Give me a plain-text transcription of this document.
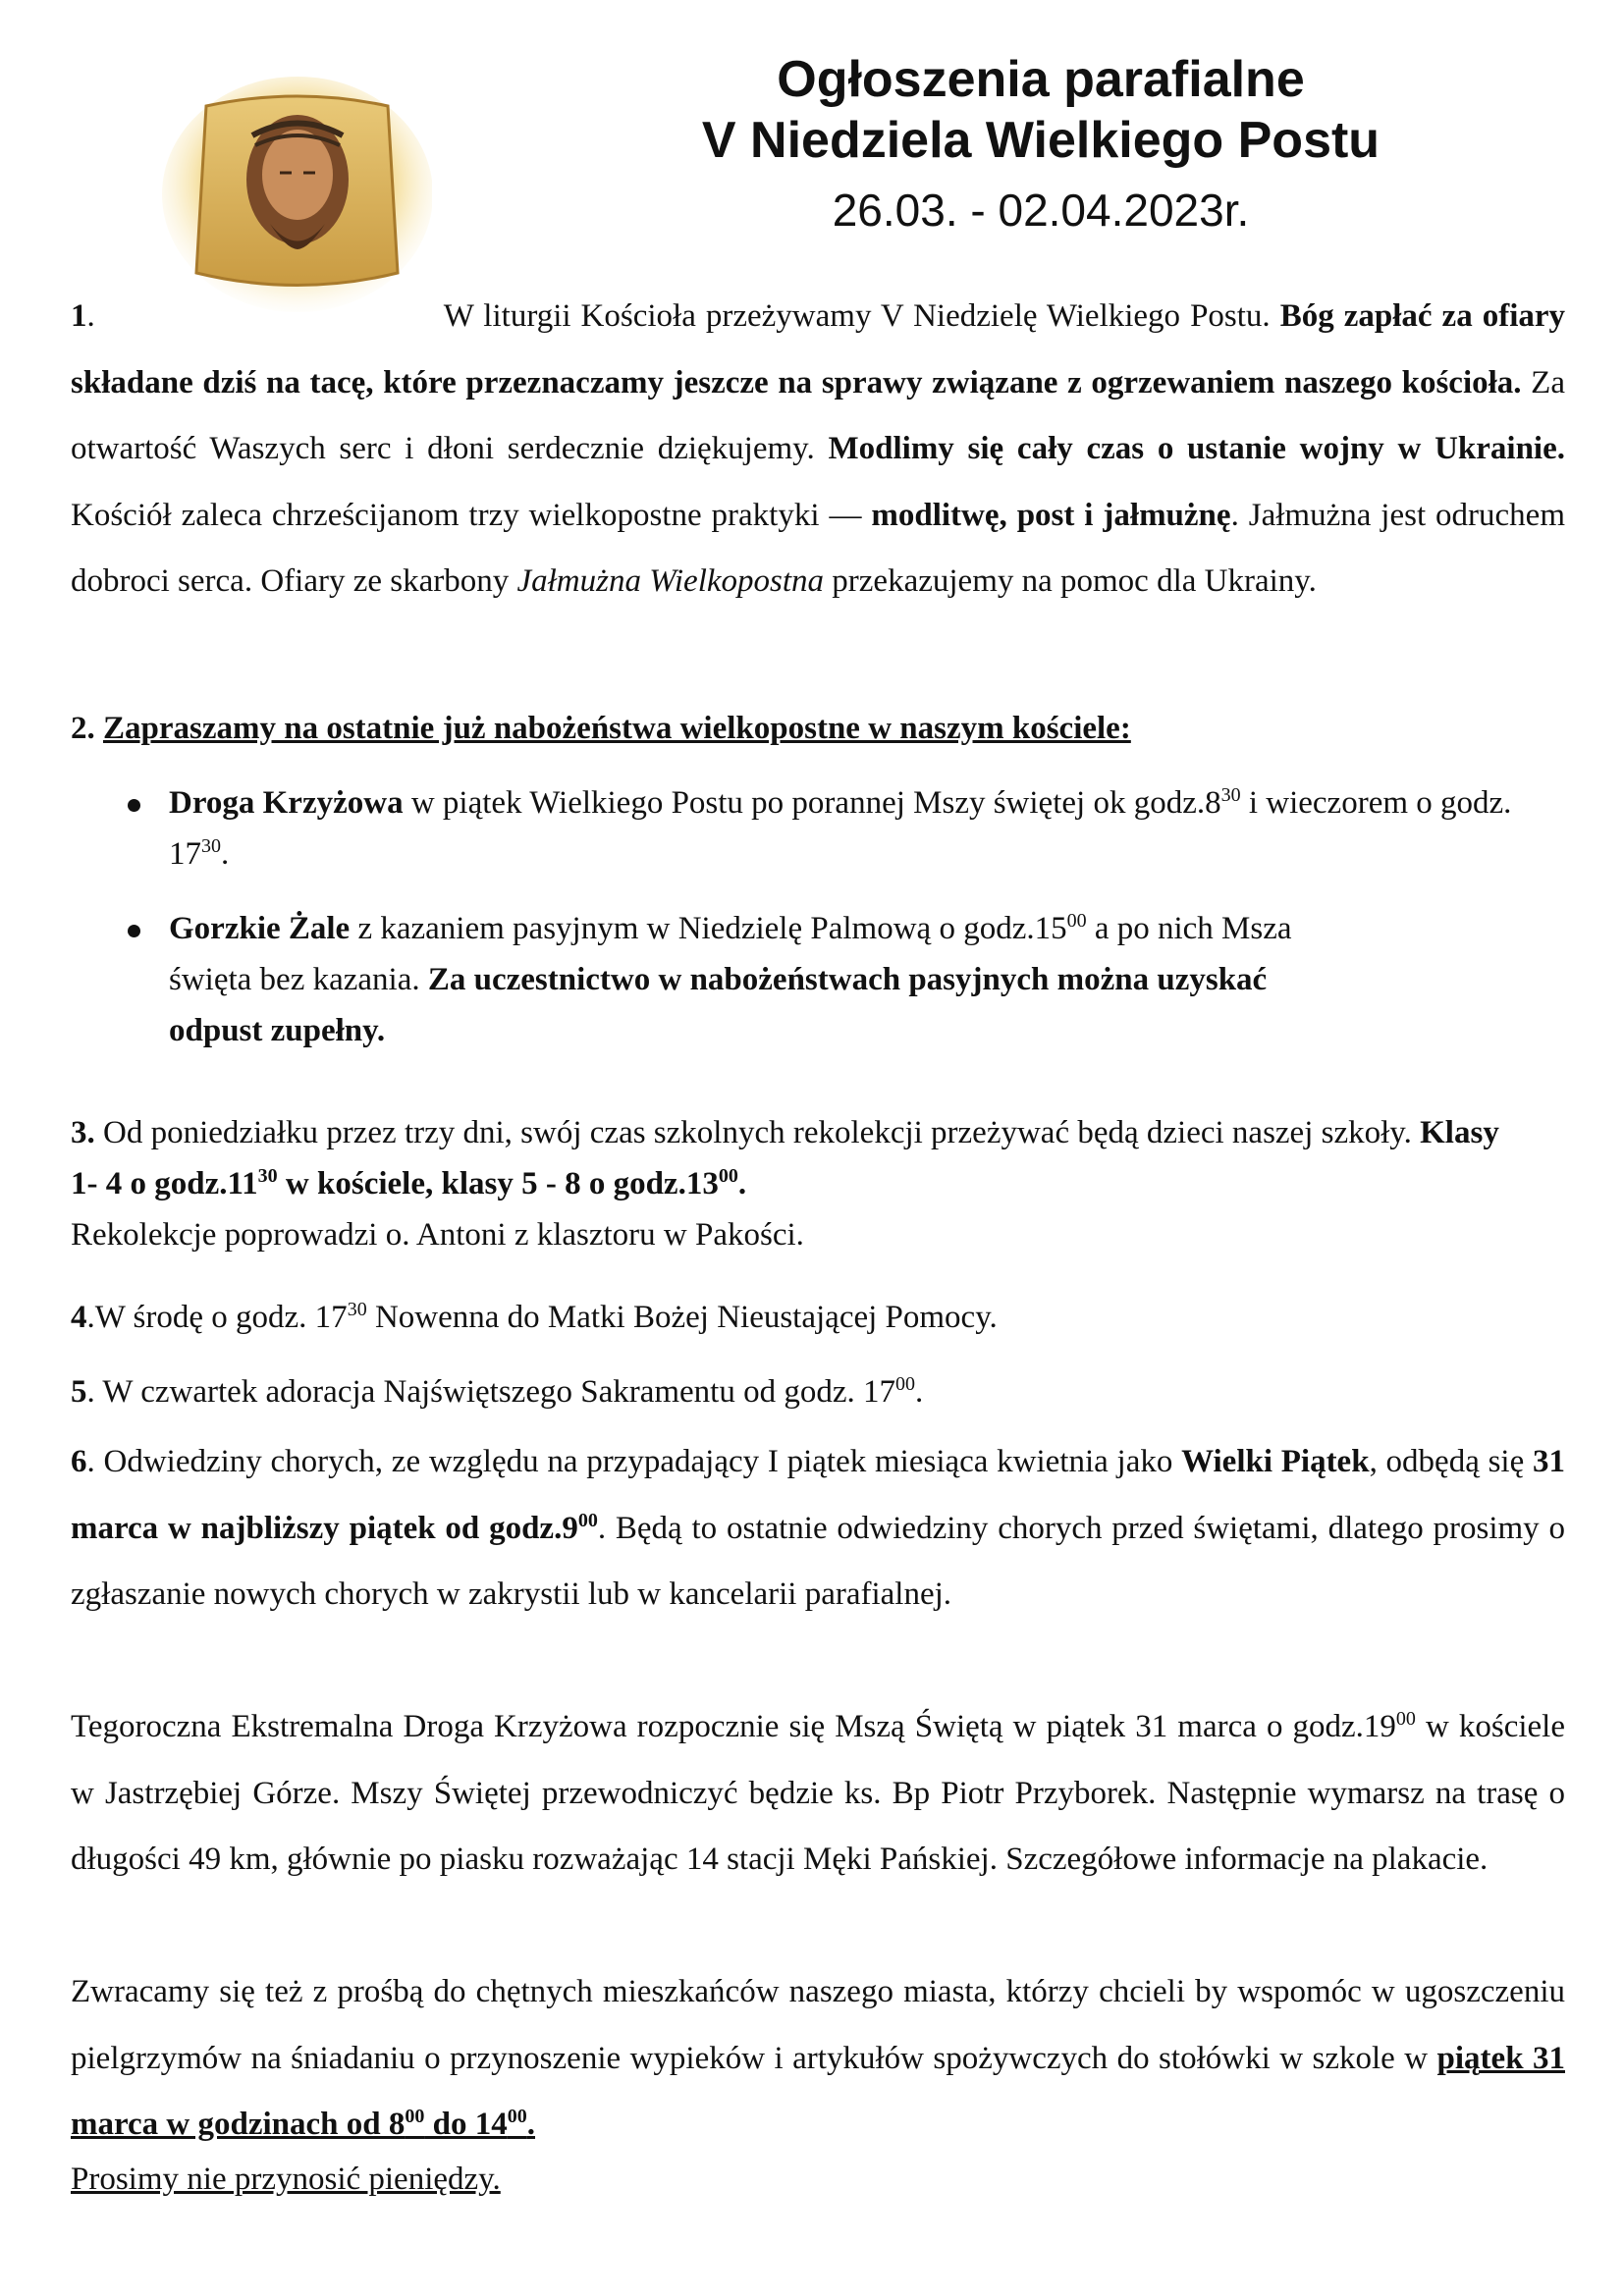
Ogłoszenia parafialne
V Niedziela Wielkiego Postu
26.03. - 02.04.2023r.

1.	W liturgii Kościoła przeżywamy V Niedzielę Wielkiego Postu. Bóg zapłać za ofiary składane dziś na tacę, które przeznaczamy jeszcze na sprawy związane z ogrzewaniem naszego kościoła. Za otwartość Waszych serc i dłoni serdecznie dziękujemy. Modlimy się cały czas o ustanie wojny w Ukrainie. Kościół zaleca chrześcijanom trzy wielkopostne praktyki — modlitwę, post i jałmużnę. Jałmużna jest odruchem dobroci serca. Ofiary ze skarbony Jałmużna Wielkopostna przekazujemy na pomoc dla Ukrainy.

2. Zapraszamy na ostatnie już nabożeństwa wielkopostne w naszym kościele:

Droga Krzyżowa w piątek Wielkiego Postu po porannej Mszy świętej ok $godz.8^{30}$ i wieczorem o godz. $17^{30}$.
Gorzkie Żale z kazaniem pasyjnym w Niedzielę Palmową o $godz.15^{00}$ a po nich Msza święta bez kazania. Za uczestnictwo w nabożeństwach pasyjnych można uzyskać odpust zupełny.

3. Od poniedziałku przez trzy dni, swój czas szkolnych rekolekcji przeżywać będą dzieci naszej szkoły. Klasy 1- 4 o $godz.11^{30}$ w kościele, klasy 5 - 8 o $godz.13^{00}$.

Rekolekcje poprowadzi o. Antoni z klasztoru w Pakości.

4.W środę o godz. $17^{30}$ Nowenna do Matki Bożej Nieustającej Pomocy.

5. W czwartek adoracja Najświętszego Sakramentu od godz. $17^{00}$.

6. Odwiedziny chorych, ze względu na przypadający I piątek miesiąca kwietnia jako Wielki Piątek, odbędą się 31 marca w najbliższy piątek od $godz.9^{00}$. Będą to ostatnie odwiedziny chorych przed świętami, dlatego prosimy o zgłaszanie nowych chorych w zakrystii lub w kancelarii parafialnej.

Tegoroczna Ekstremalna Droga Krzyżowa rozpocznie się Mszą Świętą w piątek 31 marca o $godz.19^{00}$ w kościele w Jastrzębiej Górze. Mszy Świętej przewodniczyć będzie ks. Bp Piotr Przyborek. Następnie wymarsz na trasę o długości 49 km, głównie po piasku rozważając 14 stacji Męki Pańskiej. Szczegółowe informacje na plakacie.

Zwracamy się też z prośbą do chętnych mieszkańców naszego miasta, którzy chcieli by wspomóc w ugoszczeniu pielgrzymów na śniadaniu o przynoszenie wypieków i artykułów spożywczych do stołówki w szkole w piątek 31 marca w godzinach od $8^{00}$ do $14^{00}$.

Prosimy nie przynosić pieniędzy.
